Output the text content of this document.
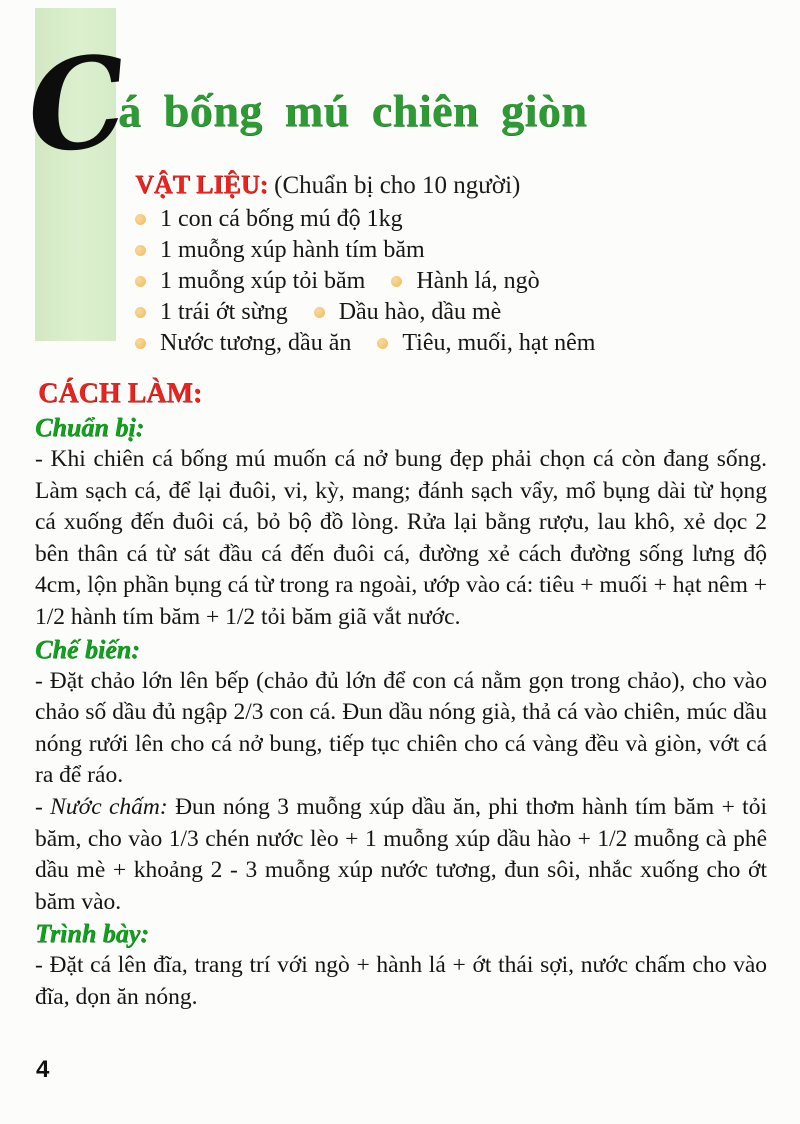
C
á bống mú chiên giòn
VẬT LIỆU: (Chuẩn bị cho 10 người)
1 con cá bống mú độ 1kg
1 muỗng xúp hành tím băm
1 muỗng xúp tỏi băm Hành lá, ngò
1 trái ớt sừng Dầu hào, dầu mè
Nước tương, dầu ăn Tiêu, muối, hạt nêm
CÁCH LÀM:
Chuẩn bị:

- Khi chiên cá bống mú muốn cá nở bung đẹp phải chọn cá còn đang sống. Làm sạch cá, để lại đuôi, vi, kỳ, mang; đánh sạch vẩy, mổ bụng dài từ họng cá xuống đến đuôi cá, bỏ bộ đồ lòng. Rửa lại bằng rượu, lau khô, xẻ dọc 2 bên thân cá từ sát đầu cá đến đuôi cá, đường xẻ cách đường sống lưng độ 4cm, lộn phần bụng cá từ trong ra ngoài, ướp vào cá: tiêu + muối + hạt nêm + 1/2 hành tím băm + 1/2 tỏi băm giã vắt nước.

Chế biến:

- Đặt chảo lớn lên bếp (chảo đủ lớn để con cá nằm gọn trong chảo), cho vào chảo số dầu đủ ngập 2/3 con cá. Đun dầu nóng già, thả cá vào chiên, múc dầu nóng rưới lên cho cá nở bung, tiếp tục chiên cho cá vàng đều và giòn, vớt cá ra để ráo.

- Nước chấm: Đun nóng 3 muỗng xúp dầu ăn, phi thơm hành tím băm + tỏi băm, cho vào 1/3 chén nước lèo + 1 muỗng xúp dầu hào + 1/2 muỗng cà phê dầu mè + khoảng 2 - 3 muỗng xúp nước tương, đun sôi, nhắc xuống cho ớt băm vào.

Trình bày:

- Đặt cá lên đĩa, trang trí với ngò + hành lá + ớt thái sợi, nước chấm cho vào đĩa, dọn ăn nóng.

4
